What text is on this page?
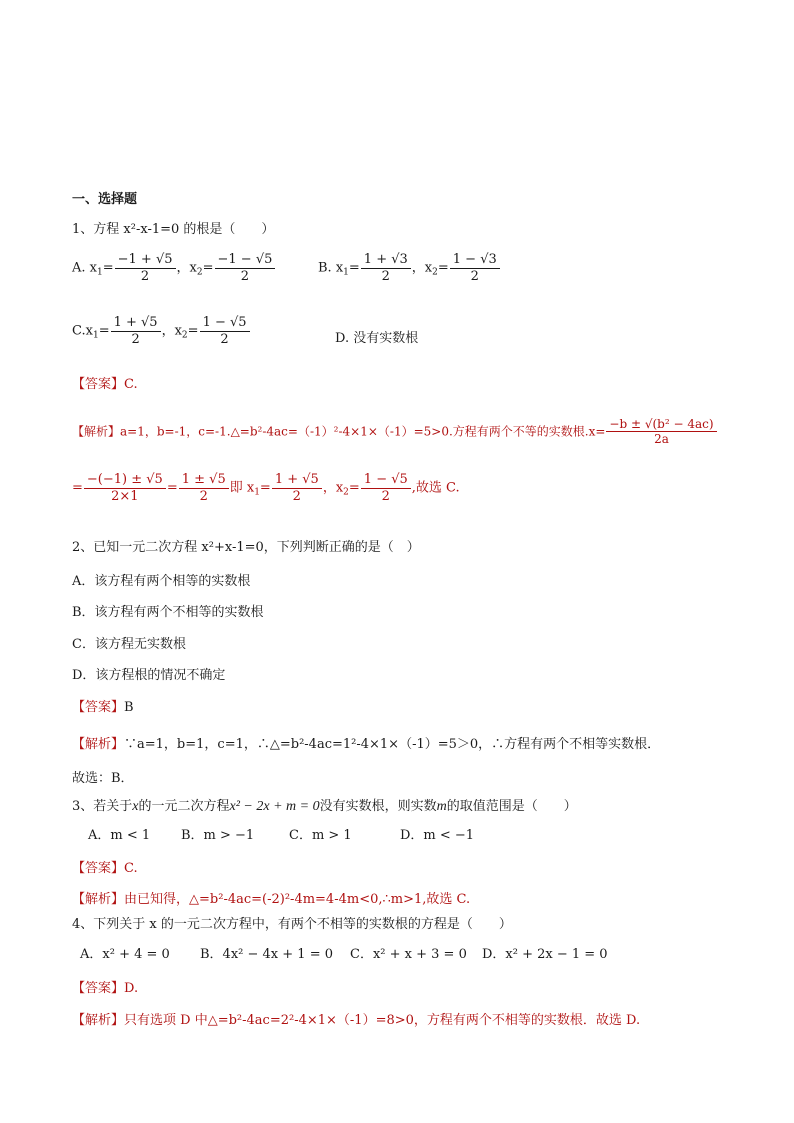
一、选择题
1、方程 x²-x-1=0 的根是（　　）
A. $x_1= \frac{-1 + √5}{2}$ ，$x_2= \frac{-1 - √5}{2}$	B. $x_1= \frac{1 + √3}{2}$ ，$x_2= \frac{1 - √3}{2}$
$C.x_1= \frac{1 + √5}{2}$ ，$x_2= \frac{1 - √5}{2}$	D. 没有实数根
【答案】C.
【解析】a=1，b=-1，c=-1.△=b²-4ac=（-1）²-4×1×（-1）=5>0.方程有两个不等的实数根$.x= \frac{\text{−b ± √(b² − 4ac)}}{2a}$
= $\frac{-(-1) \pm √5}{2\times 1} = \frac{1 \pm √5}{2}$ 即 $x_1= \frac{1 + √5}{2}$ ，$x_2= \frac{1 - √5}{2}$ ,故选 C.
2、已知一元二次方程 x²+x-1=0，下列判断正确的是（　）
A．该方程有两个相等的实数根
B．该方程有两个不相等的实数根
C．该方程无实数根
D．该方程根的情况不确定
【答案】B
【解析】∵a=1，b=1，c=1，∴△=b²-4ac=1²-4×1×（-1）=5＞0，∴方程有两个不相等实数根．
故选：B．
3、若关于x的一元二次方程x² − 2x + m = 0没有实数根，则实数m的取值范围是（　　）
A．m < 1 B．m > −1	C．m > 1	D．m < −1
【答案】C.
【解析】由已知得，△=b²-4ac=(-2)²-4m=4-4m<0,∴m>1,故选 C.
4、下列关于 x 的一元二次方程中，有两个不相等的实数根的方程是（　　）
A．x² + 4 = 0 B．4x² − 4x + 1 = 0 C．x² + x + 3 = 0 D．x² + 2x − 1 = 0
【答案】D.
【解析】只有选项 D 中△=b²-4ac=2²-4×1×（-1）=8>0，方程有两个不相等的实数根．故选 D.
